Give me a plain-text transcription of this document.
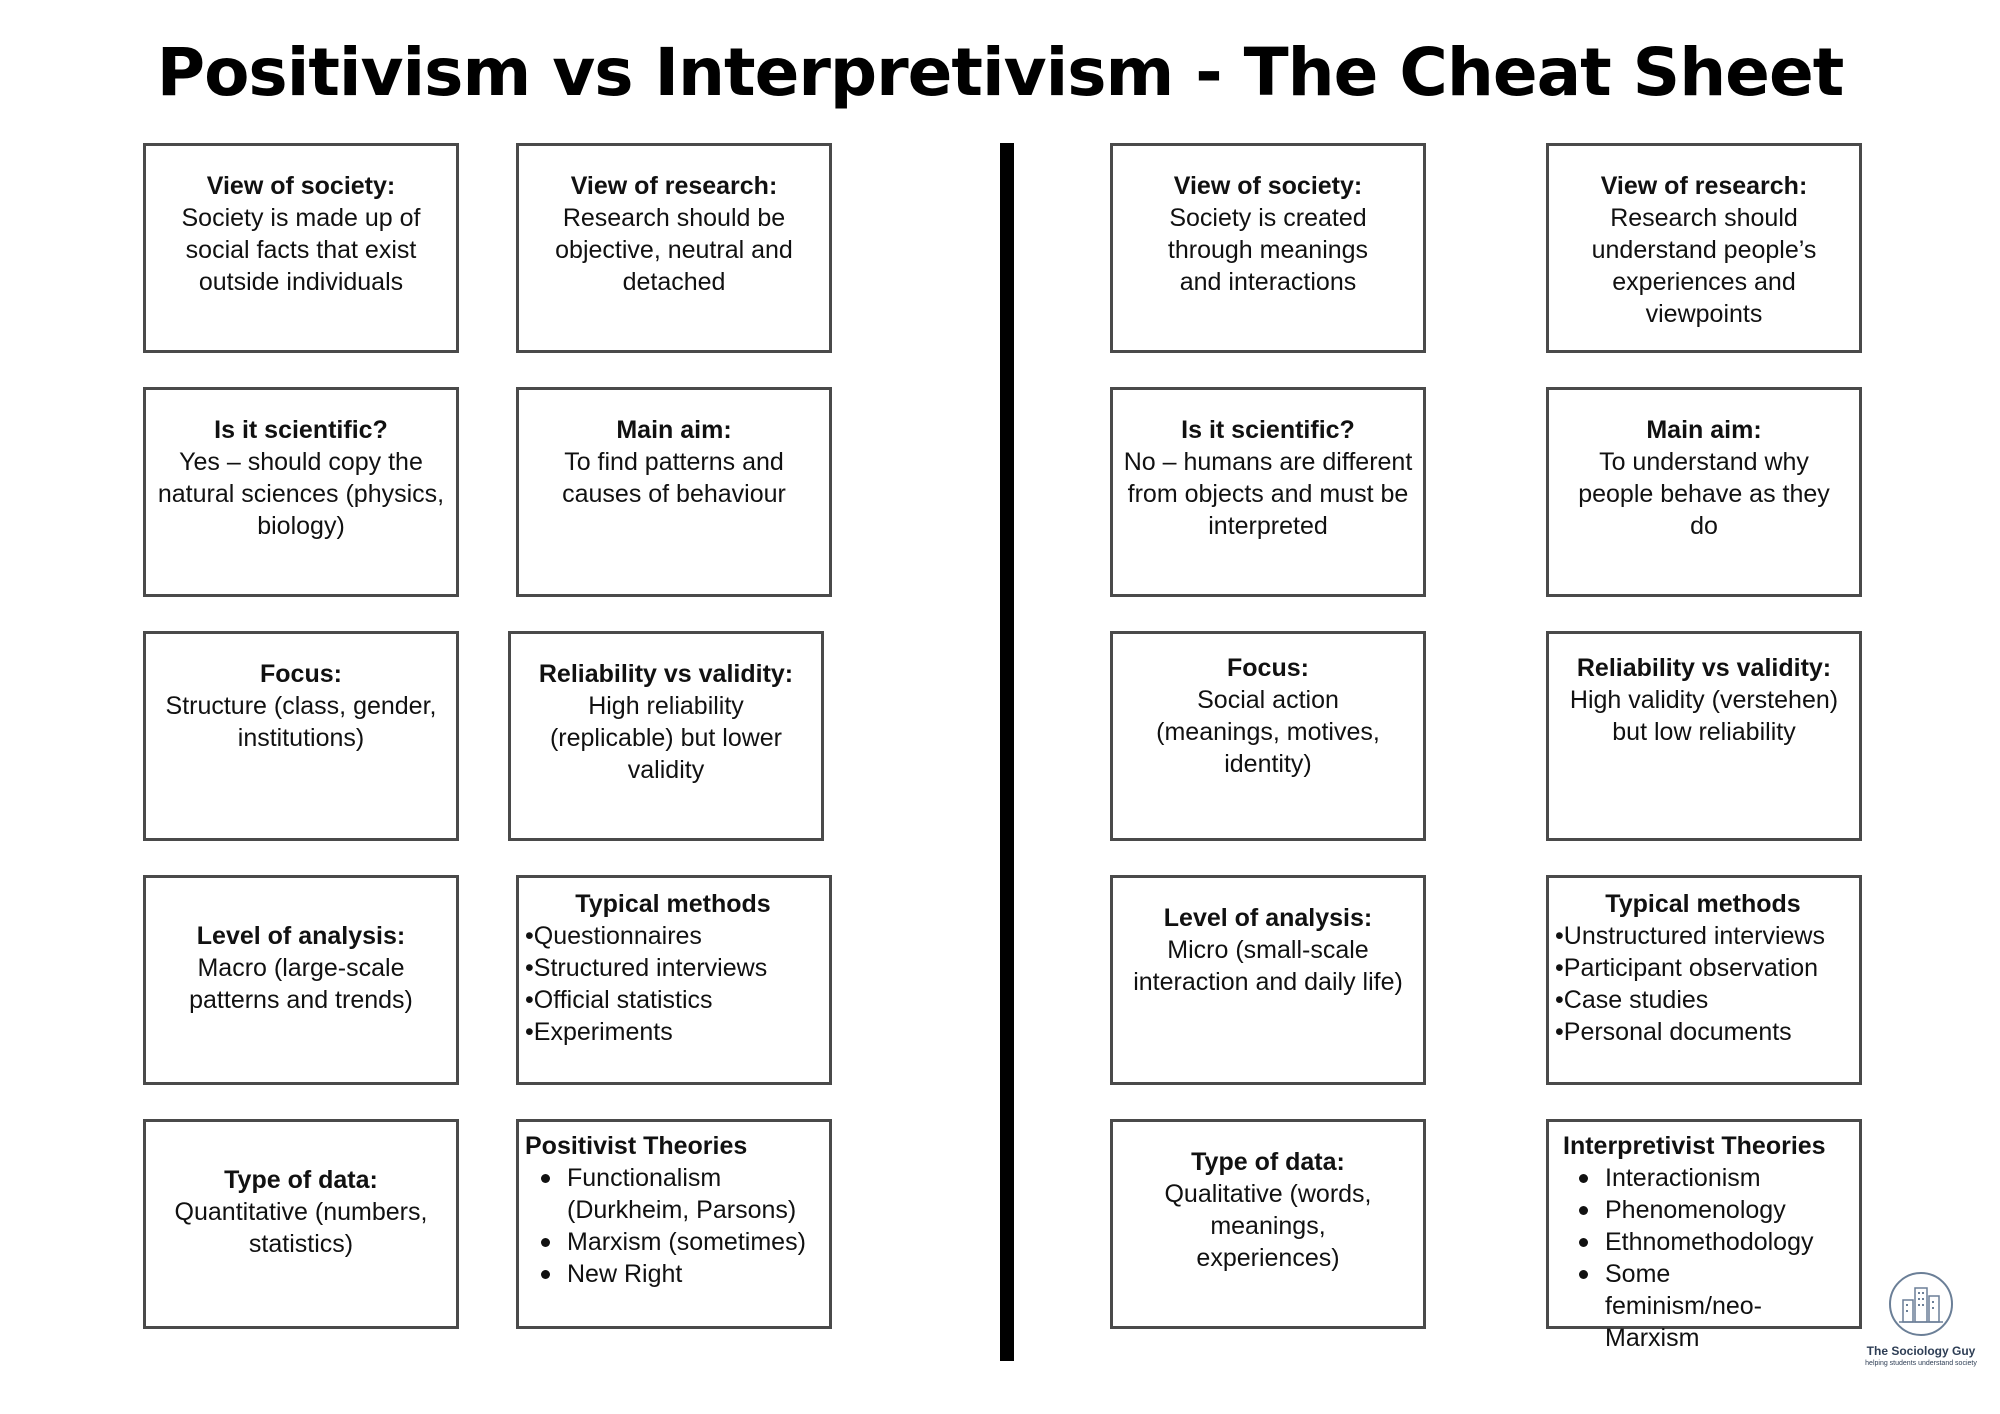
Positivism vs Interpretivism - The Cheat Sheet
View of society:
Society is made up of social facts that exist outside individuals
Is it scientific?
Yes – should copy the natural sciences (physics, biology)
Focus:
Structure (class, gender, institutions)
Level of analysis:
Macro (large-scale patterns and trends)
Type of data:
Quantitative (numbers, statistics)
View of research:
Research should be objective, neutral and detached
Main aim:
To find patterns and causes of behaviour
Reliability vs validity:
High reliability (replicable) but lower validity
Typical methods
• Questionnaires
• Structured interviews
• Official statistics
• Experiments
Positivist Theories
Functionalism (Durkheim, Parsons)
Marxism (sometimes)
New Right
View of society:
Society is created through meanings and interactions
Is it scientific?
No – humans are different from objects and must be interpreted
Focus:
Social action (meanings, motives, identity)
Level of analysis:
Micro (small-scale interaction and daily life)
Type of data:
Qualitative (words, meanings, experiences)
View of research:
Research should understand people’s experiences and viewpoints
Main aim:
To understand why people behave as they do
Reliability vs validity:
High validity (verstehen) but low reliability
Typical methods
• Unstructured interviews
• Participant observation
• Case studies
• Personal documents
Interpretivist Theories
Interactionism
Phenomenology
Ethnomethodology
Some feminism/neo-Marxism	The Sociology Guy
helping students understand society
